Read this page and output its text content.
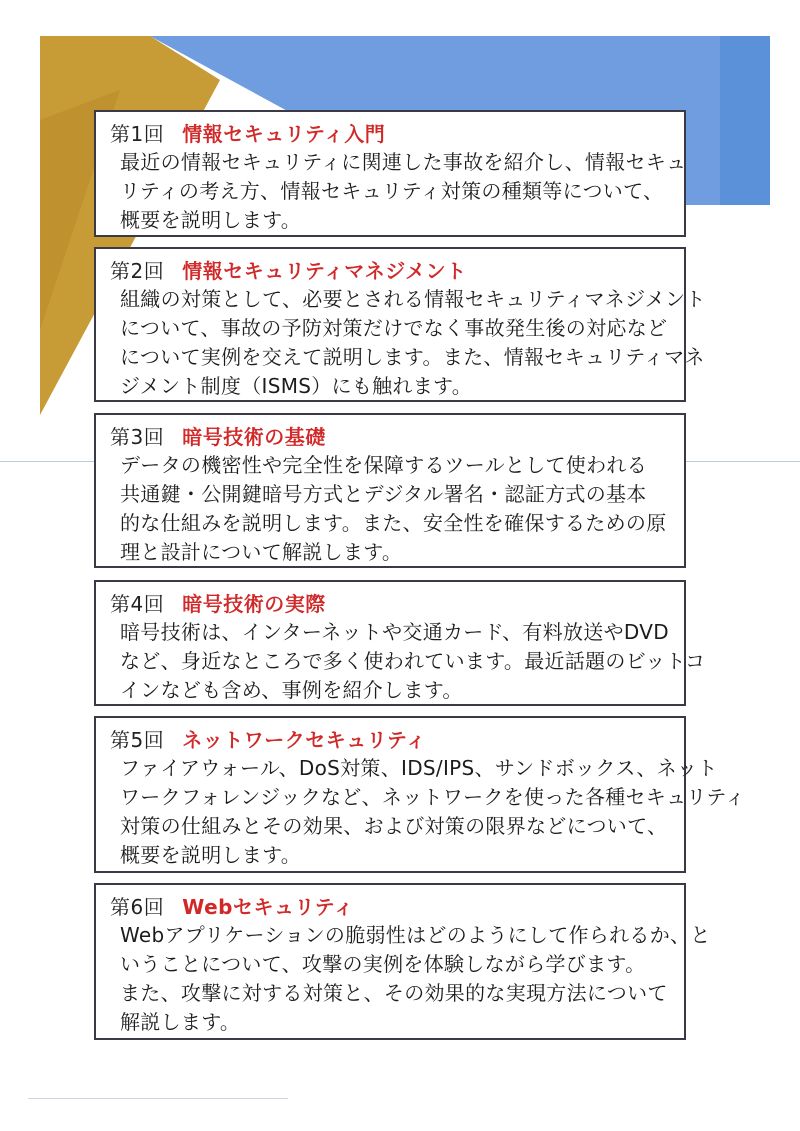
第1回 情報セキュリティ入門
最近の情報セキュリティに関連した事故を紹介し、情報セキュ
リティの考え方、情報セキュリティ対策の種類等について、
概要を説明します。
第2回 情報セキュリティマネジメント
組織の対策として、必要とされる情報セキュリティマネジメント
について、事故の予防対策だけでなく事故発生後の対応など
について実例を交えて説明します。また、情報セキュリティマネ
ジメント制度（ISMS）にも触れます。
第3回 暗号技術の基礎
データの機密性や完全性を保障するツールとして使われる
共通鍵・公開鍵暗号方式とデジタル署名・認証方式の基本
的な仕組みを説明します。また、安全性を確保するための原
理と設計について解説します。
第4回 暗号技術の実際
暗号技術は、インターネットや交通カード、有料放送やDVD
など、身近なところで多く使われています。最近話題のビットコ
インなども含め、事例を紹介します。
第5回 ネットワークセキュリティ
ファイアウォール、DoS対策、IDS/IPS、サンドボックス、ネット
ワークフォレンジックなど、ネットワークを使った各種セキュリティ
対策の仕組みとその効果、および対策の限界などについて、
概要を説明します。
第6回 Webセキュリティ
Webアプリケーションの脆弱性はどのようにして作られるか、と
いうことについて、攻撃の実例を体験しながら学びます。
また、攻撃に対する対策と、その効果的な実現方法について
解説します。
